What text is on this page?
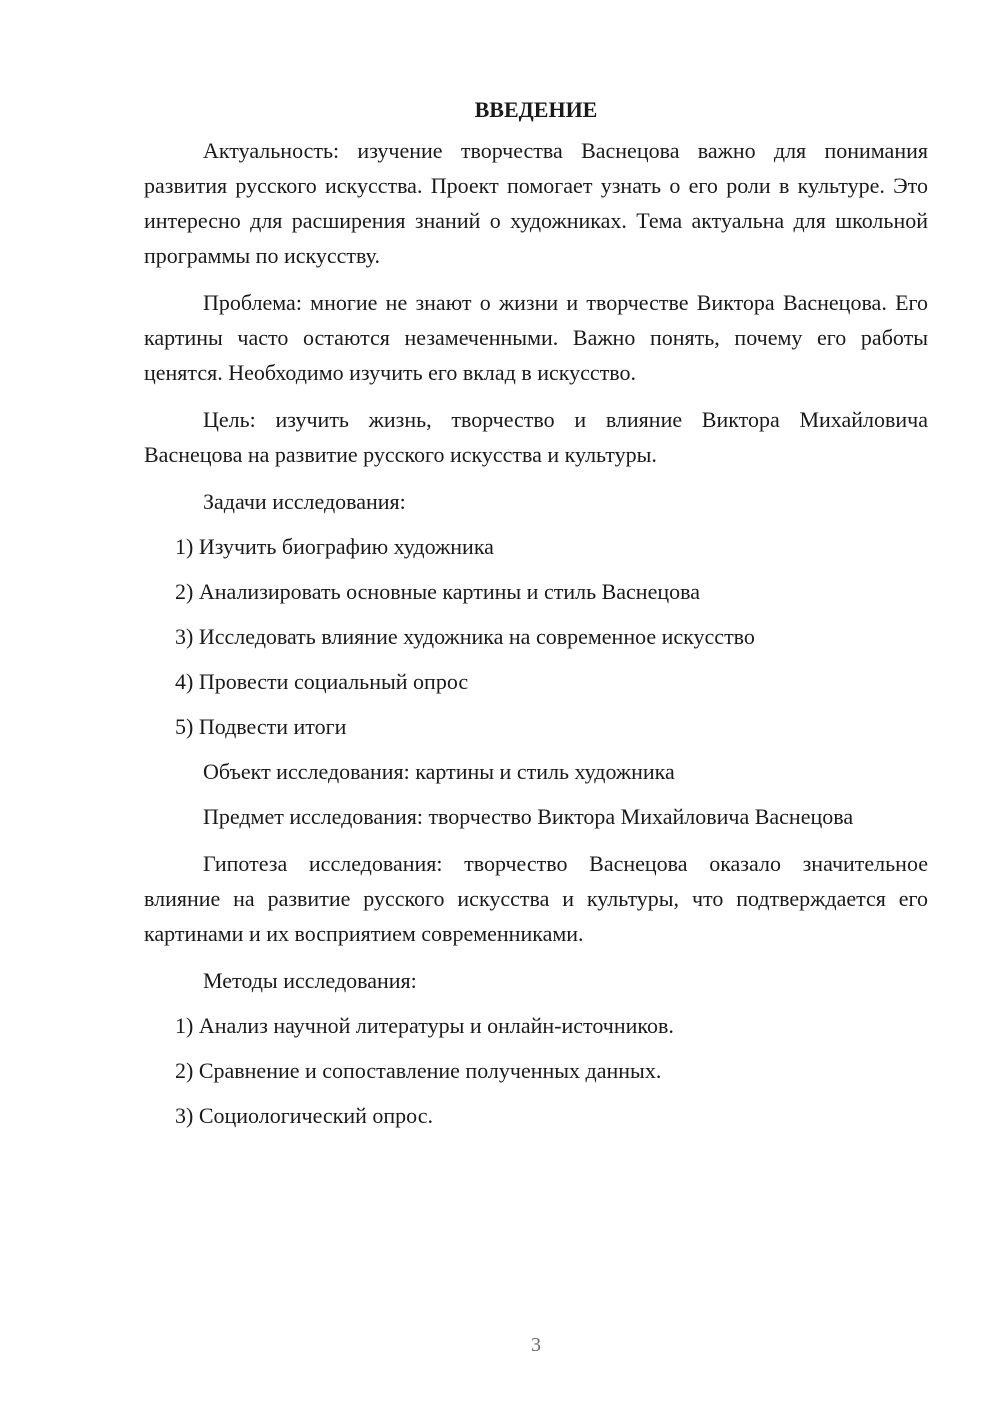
ВВЕДЕНИЕ

Актуальность: изучение творчества Васнецова важно для понимания развития русского искусства. Проект помогает узнать о его роли в культуре. Это интересно для расширения знаний о художниках. Тема актуальна для школьной программы по искусству.

Проблема: многие не знают о жизни и творчестве Виктора Васнецова. Его картины часто остаются незамеченными. Важно понять, почему его работы ценятся. Необходимо изучить его вклад в искусство.

Цель: изучить жизнь, творчество и влияние Виктора Михайловича Васнецова на развитие русского искусства и культуры.

Задачи исследования:

1) Изучить биографию художника
2) Анализировать основные картины и стиль Васнецова
3) Исследовать влияние художника на современное искусство
4) Провести социальный опрос
5) Подвести итоги

Объект исследования: картины и стиль художника

Предмет исследования: творчество Виктора Михайловича Васнецова

Гипотеза исследования: творчество Васнецова оказало значительное влияние на развитие русского искусства и культуры, что подтверждается его картинами и их восприятием современниками.

Методы исследования:

1) Анализ научной литературы и онлайн-источников.
2) Сравнение и сопоставление полученных данных.
3) Социологический опрос.
3
